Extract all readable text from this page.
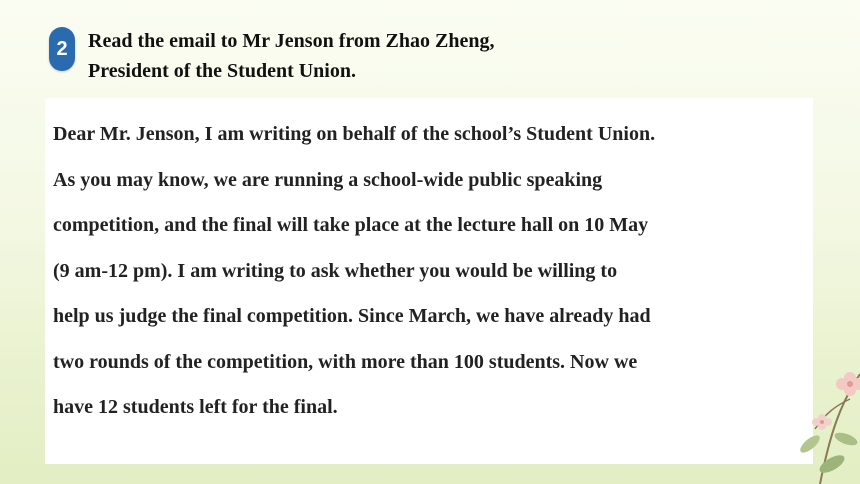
2	Read the email to Mr Jenson from Zhao Zheng,
President of the Student Union.

Dear Mr. Jenson, I am writing on behalf of the school’s Student Union.
As you may know, we are running a school-wide public speaking
competition, and the final will take place at the lecture hall on 10 May
(9 am-12 pm). I am writing to ask whether you would be willing to
help us judge the final competition. Since March, we have already had
two rounds of the competition, with more than 100 students. Now we
have 12 students left for the final.
